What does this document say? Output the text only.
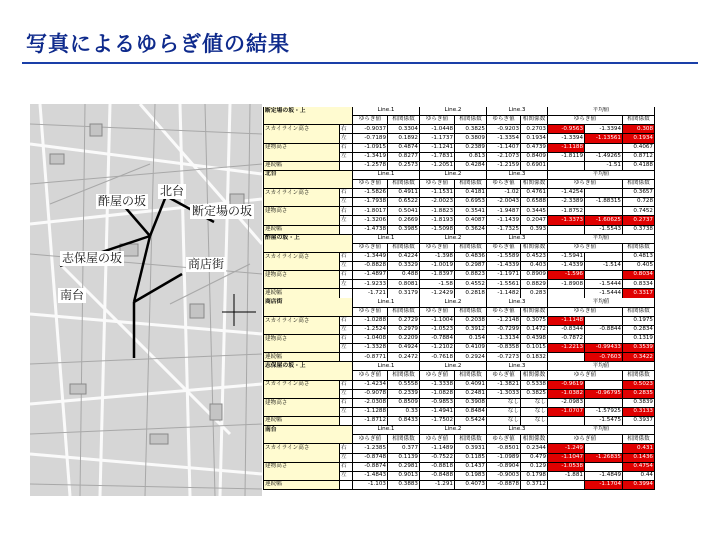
写真によるゆらぎ値の結果
北台
酢屋の坂
断定場の坂
志保屋の坂	商店街
南台
断定場の坂・上	Line.1	Line.2	Line.3	平均値
ゆらぎ値	相関係数	ゆらぎ値	相関係数	ゆらぎ値	相関係数	ゆらぎ値	相関係数
スカイライン高さ	右	-0.9037	0.3304	-1.0448	0.3825	-0.9203	0.2703	-0.9563	-1.3394	0.308
左	-0.7189	0.1892	-1.1737	0.3809	-1.3354	0.1934	-1.3394	-1.13561	0.1934
建物高さ	右	-1.0915	0.4874	-1.1241	0.2389	-1.1407	0.4739	-1.1188	0.4067
左	-1.3419	0.8277	-1.7831	0.813	-2.1073	0.8409	-1.8119	-1.49265	0.8712
連続幅	-1.2578	0.2573	-1.2051	0.4284	-1.2159	0.6901	-1.51	0.4188
北台	Line.1	Line.2	Line.3	平均値
ゆらぎ値	相関係数	ゆらぎ値	相関係数	ゆらぎ値	相関係数	ゆらぎ値	相関係数
スカイライン高さ	右	-1.5826	0.4911	-1.1531	0.4181	-1.02	0.4761	-1.4254	0.3657
左	-1.7938	0.6522	-2.0023	0.6953	-2.0043	0.6588	-2.3389	-1.88315	0.728
建物高さ	右	-1.8017	0.5041	-1.8823	0.3541	-1.9487	0.3445	-1.8752	0.7452
左	-1.3206	0.2669	-1.8193	0.4087	-1.1439	0.2047	-1.3373	-1.60625	0.2737
連続幅	-1.4738	0.3985	-1.5098	0.3624	-1.7325	0.393	-1.5543	0.3738
酢屋の坂・上	Line.1	Line.2	Line.3	平均値
ゆらぎ値	相関係数	ゆらぎ値	相関係数	ゆらぎ値	相関係数	ゆらぎ値	相関係数
スカイライン高さ	右	-1.3449	0.4224	-1.398	0.4836	-1.5589	0.4523	-1.5941	0.4813
左	-0.8828	0.3329	-1.0019	0.2987	-1.4339	0.403	-1.4339	-1.514	0.405
建物高さ	右	-1.4897	0.488	-1.8397	0.8823	-1.1971	0.8909	-1.596	0.8034
左	-1.9233	0.8081	-1.58	0.4552	-1.5561	0.8829	-1.8908	-1.5444	0.8334
連続幅	-1.721	0.3179	-1.2429	0.2818	-1.1482	0.283	-1.5444	0.3317
商店街	Line.1	Line.2	Line.3	平均値
ゆらぎ値	相関係数	ゆらぎ値	相関係数	ゆらぎ値	相関係数	ゆらぎ値	相関係数
スカイライン高さ	右	-1.0288	0.2729	-1.1004	0.2038	-1.2148	0.3075	-1.1148	0.1975
左	-1.2524	0.2979	-1.0523	0.3912	-0.7299	0.1472	-0.8344	-0.8844	0.2834
建物高さ	右	-1.0408	0.2209	-0.7884	0.154	-1.3134	0.4398	-0.7872	0.1319
左	-1.3328	0.4924	-1.2102	0.4109	-0.8358	0.1015	-1.2213	-0.99433	0.3539
連続幅	-0.8771	0.2472	-0.7618	0.2924	-0.7273	0.1832	-0.7603	0.3422
志保屋の坂・上	Line.1	Line.2	Line.3	平均値
ゆらぎ値	相関係数	ゆらぎ値	相関係数	ゆらぎ値	相関係数	ゆらぎ値	相関係数
スカイライン高さ	右	-1.4234	0.5558	-1.3338	0.4091	-1.3821	0.5338	-0.9619	0.5023
左	-0.9078	0.2339	-1.0828	0.2481	-1.3033	0.3825	-1.0382	-0.96795	0.2835
建物高さ	右	-2.0308	0.8509	-0.9853	0.3908	なし	なし	-2.0983	0.3839
左	-1.1288	0.33	-1.4941	0.8484	なし	なし	-1.0707	-1.57925	0.3133
連続幅	-1.8712	0.8433	-1.7502	0.5424	なし	なし	-1.5475	0.3937
南台	Line.1	Line.2	Line.3	平均値
ゆらぎ値	相関係数	ゆらぎ値	相関係数	ゆらぎ値	相関係数	ゆらぎ値	相関係数
スカイライン高さ	右	-1.2385	0.377	-1.1489	0.3931	-0.8501	0.2344	-1.249	0.431
左	-0.8748	0.1139	-0.7522	0.1185	-1.0989	0.479	-1.1047	-1.26835	0.1436
建物高さ	右	-0.8874	0.2981	-0.8818	0.1437	-0.8904	0.129	-1.0538	0.4754
左	-1.4843	0.9013	-0.8488	0.1983	-0.9003	0.1798	-1.881	-1.4849	0.44
連続幅	-1.103	0.3883	-1.291	0.4073	-0.8878	0.3712	-1.1704	0.3994
